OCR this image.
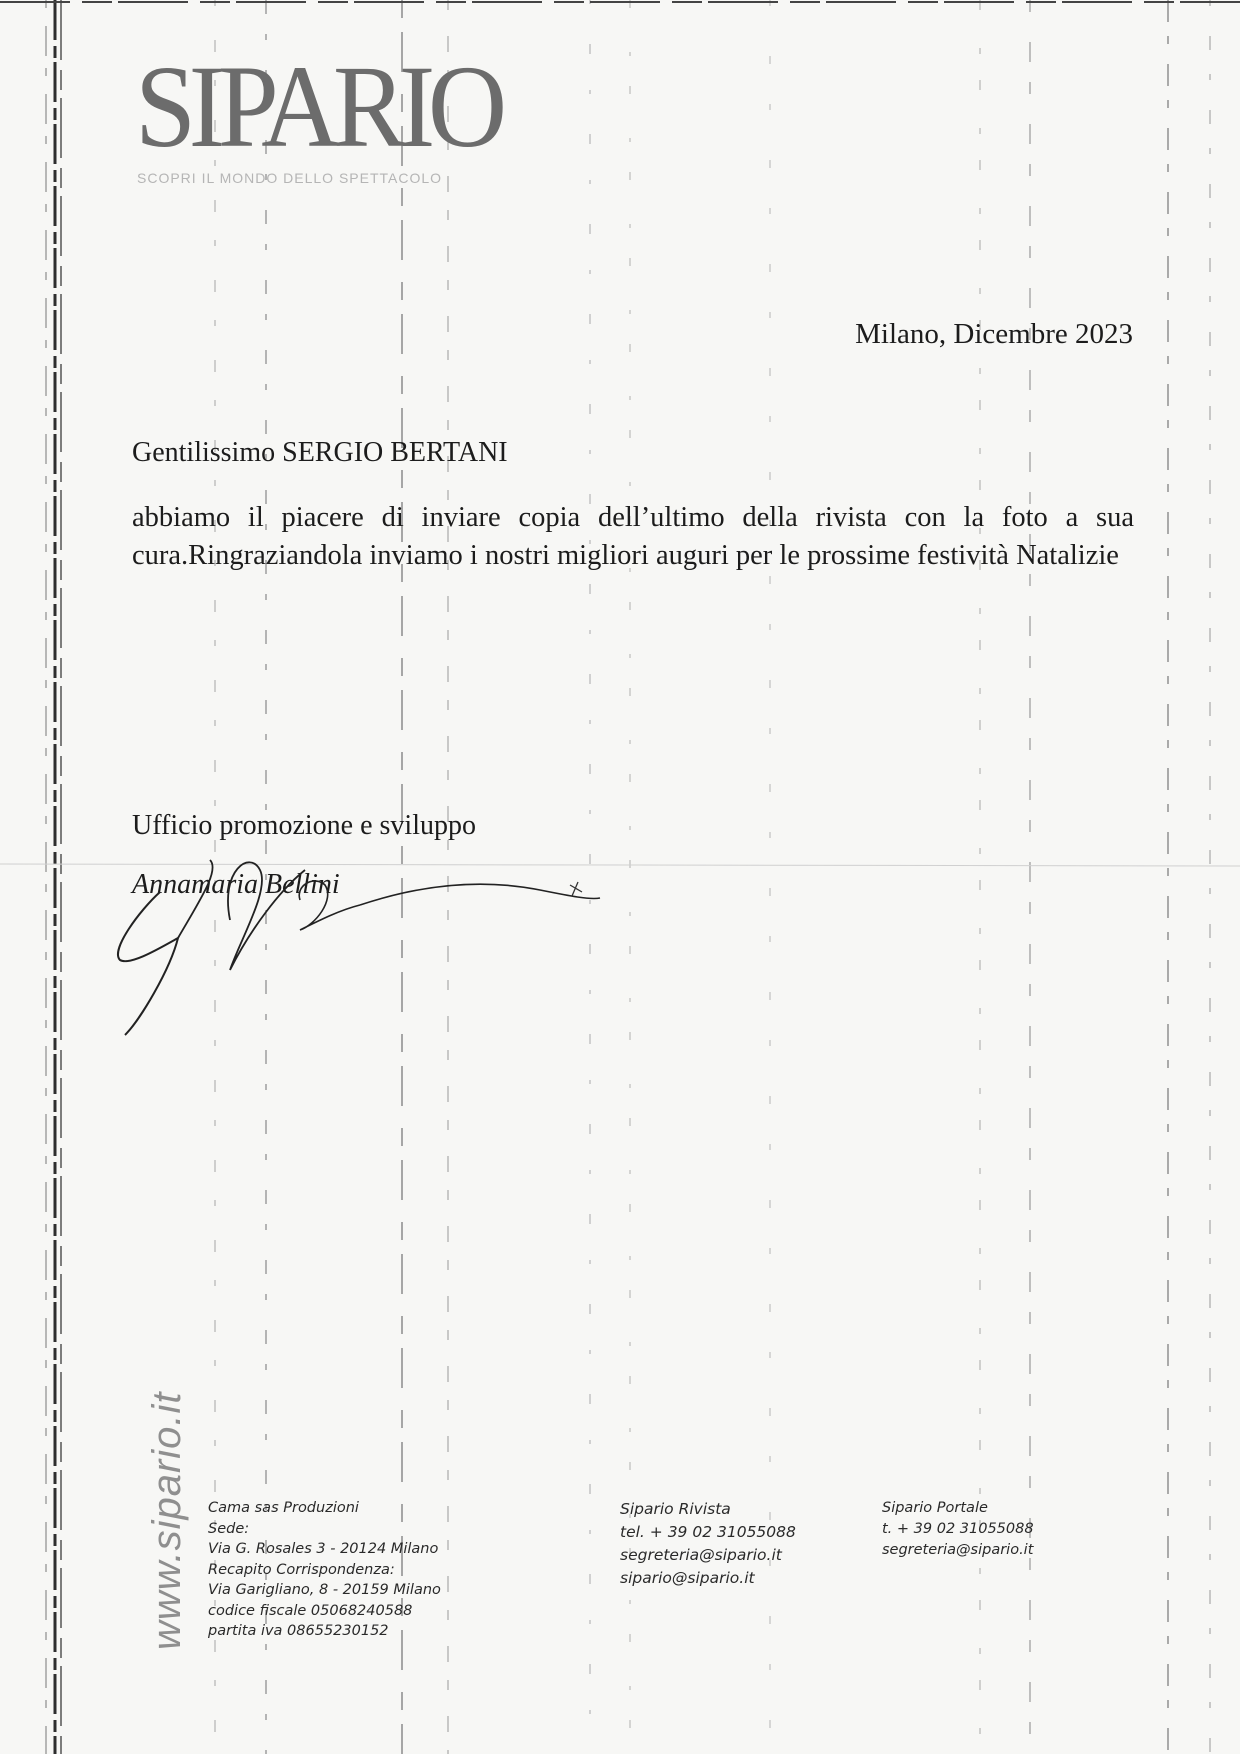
SIPARIO
SCOPRI IL MONDO DELLO SPETTACOLO
Milano, Dicembre 2023
Gentilissimo SERGIO BERTANI
abbiamo il piacere di inviare copia dell’ultimo della rivista con la foto a sua cura.Ringraziandola inviamo i nostri migliori auguri per le prossime festività Natalizie
Ufficio promozione e sviluppo
Annamaria Bellini
www.sipario.it Cama sas Produzioni
Sede:
Via G. Rosales 3 - 20124 Milano
Recapito Corrispondenza:
Via Garigliano, 8 - 20159 Milano
codice fiscale 05068240588
partita iva 08655230152
Sipario Rivista
tel. + 39 02 31055088
segreteria@sipario.it
sipario@sipario.it
Sipario Portale
t. + 39 02 31055088
segreteria@sipario.it
